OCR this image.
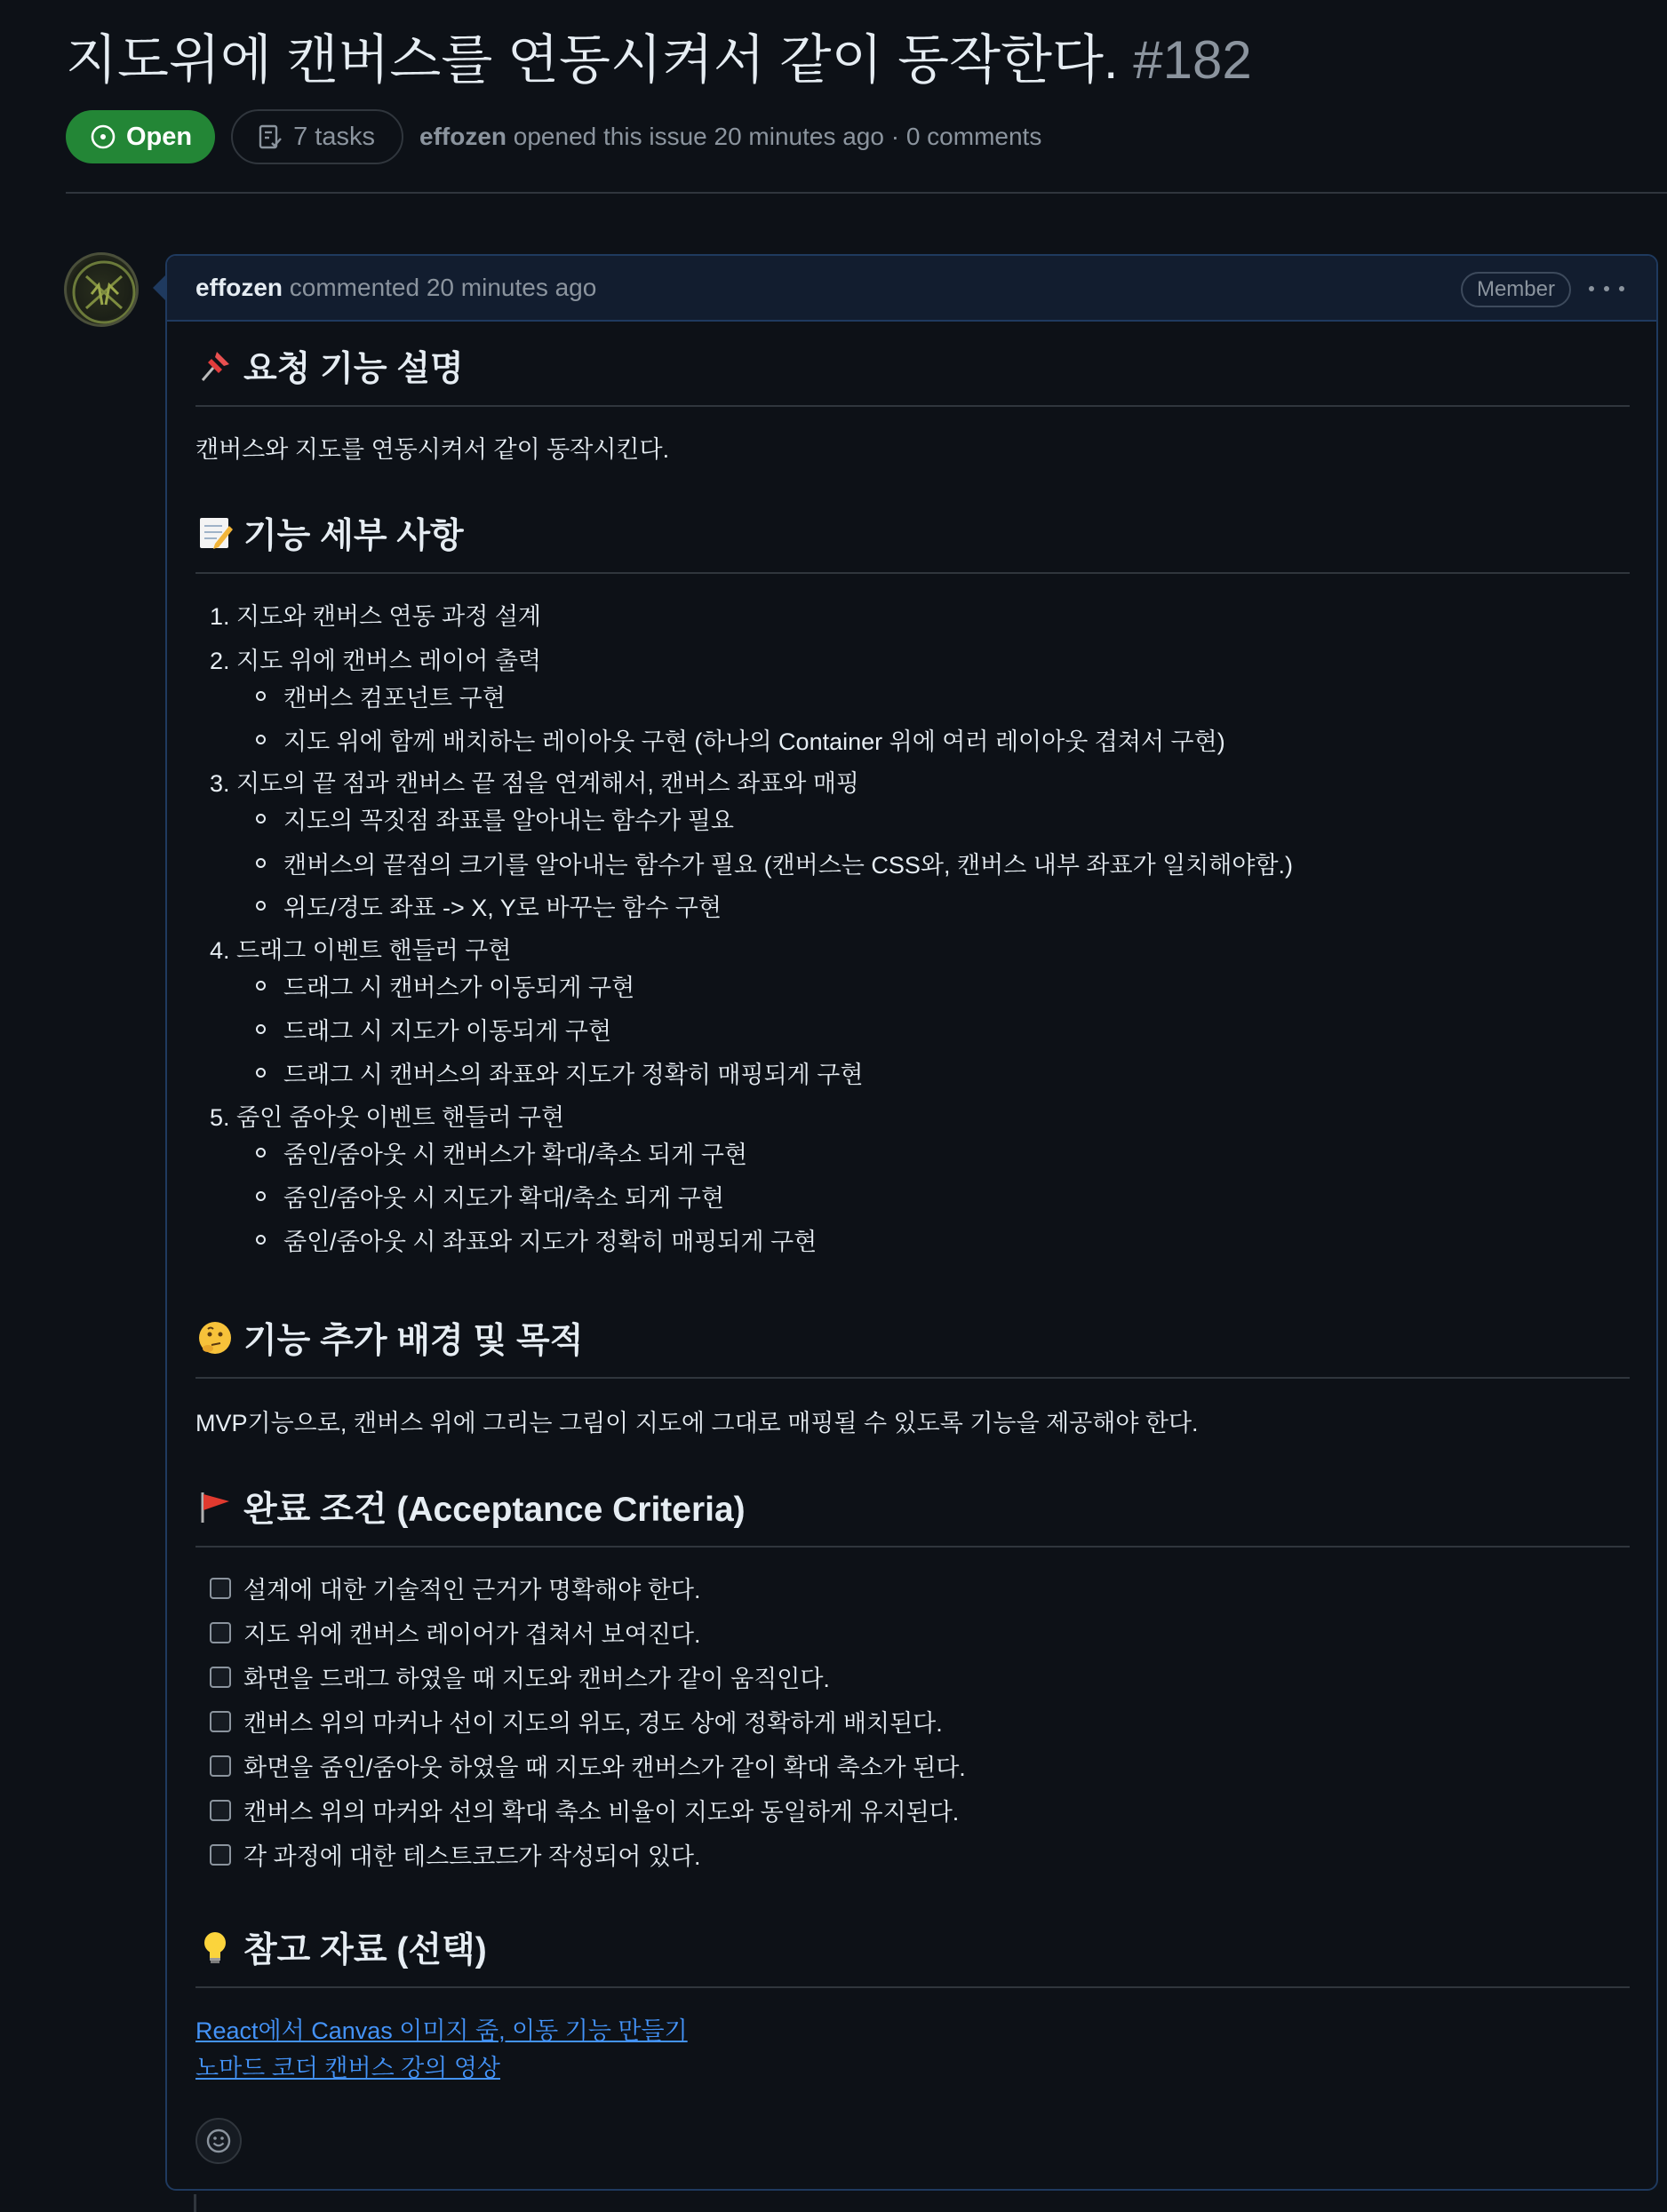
지도위에 캔버스를 연동시켜서 같이 동작한다. #182
Open	7 tasks effozen opened this issue 20 minutes ago · 0 comments
effozen commented 20 minutes ago	Member
요청 기능 설명
캔버스와 지도를 연동시켜서 같이 동작시킨다.
기능 세부 사항
1. 지도와 캔버스 연동 과정 설계
2. 지도 위에 캔버스 레이어 출력
캔버스 컴포넌트 구현
지도 위에 함께 배치하는 레이아웃 구현 (하나의 Container 위에 여러 레이아웃 겹쳐서 구현)
3. 지도의 끝 점과 캔버스 끝 점을 연계해서, 캔버스 좌표와 매핑
지도의 꼭짓점 좌표를 알아내는 함수가 필요
캔버스의 끝점의 크기를 알아내는 함수가 필요 (캔버스는 CSS와, 캔버스 내부 좌표가 일치해야함.)
위도/경도 좌표 -> X, Y로 바꾸는 함수 구현
4. 드래그 이벤트 핸들러 구현
드래그 시 캔버스가 이동되게 구현
드래그 시 지도가 이동되게 구현
드래그 시 캔버스의 좌표와 지도가 정확히 매핑되게 구현
5. 줌인 줌아웃 이벤트 핸들러 구현
줌인/줌아웃 시 캔버스가 확대/축소 되게 구현
줌인/줌아웃 시 지도가 확대/축소 되게 구현
줌인/줌아웃 시 좌표와 지도가 정확히 매핑되게 구현
기능 추가 배경 및 목적
MVP기능으로, 캔버스 위에 그리는 그림이 지도에 그대로 매핑될 수 있도록 기능을 제공해야 한다.
완료 조건 (Acceptance Criteria)
설계에 대한 기술적인 근거가 명확해야 한다.
지도 위에 캔버스 레이어가 겹쳐서 보여진다.
화면을 드래그 하였을 때 지도와 캔버스가 같이 움직인다.
캔버스 위의 마커나 선이 지도의 위도, 경도 상에 정확하게 배치된다.
화면을 줌인/줌아웃 하였을 때 지도와 캔버스가 같이 확대 축소가 된다.
캔버스 위의 마커와 선의 확대 축소 비율이 지도와 동일하게 유지된다.
각 과정에 대한 테스트코드가 작성되어 있다.
참고 자료 (선택)
React에서 Canvas 이미지 줌, 이동 기능 만들기
노마드 코더 캔버스 강의 영상
